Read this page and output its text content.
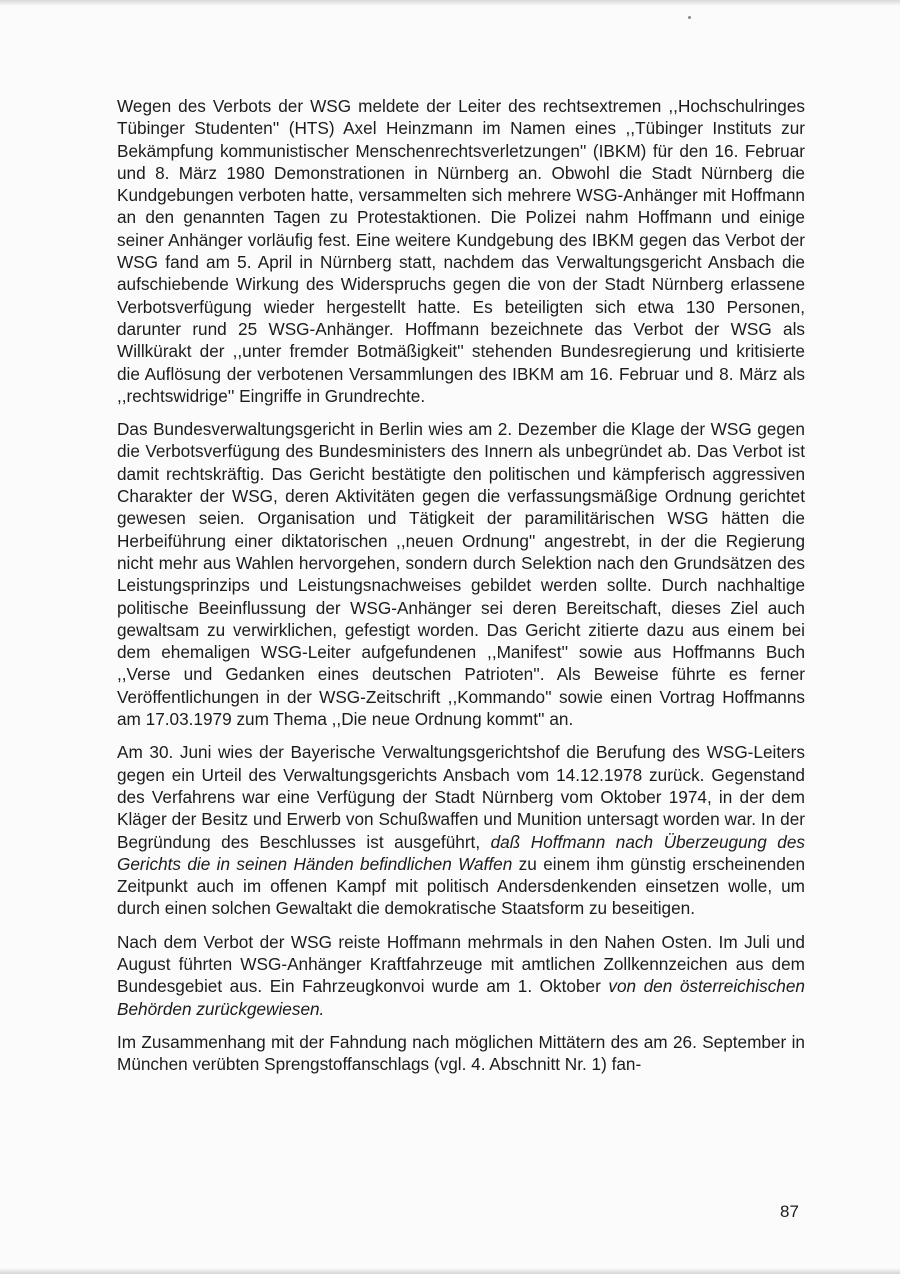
Wegen des Verbots der WSG meldete der Leiter des rechtsextremen ,,Hochschulringes Tübinger Studenten'' (HTS) Axel Heinzmann im Namen eines ,,Tübinger Instituts zur Bekämpfung kommunistischer Menschenrechtsverletzungen'' (IBKM) für den 16. Februar und 8. März 1980 Demonstrationen in Nürnberg an. Obwohl die Stadt Nürnberg die Kundgebungen verboten hatte, versammelten sich mehrere WSG-Anhänger mit Hoffmann an den genannten Tagen zu Protestaktionen. Die Polizei nahm Hoffmann und einige seiner Anhänger vorläufig fest. Eine weitere Kundgebung des IBKM gegen das Verbot der WSG fand am 5. April in Nürnberg statt, nachdem das Verwaltungsgericht Ansbach die aufschiebende Wirkung des Widerspruchs gegen die von der Stadt Nürnberg erlassene Verbotsverfügung wieder hergestellt hatte. Es beteiligten sich etwa 130 Personen, darunter rund 25 WSG-Anhänger. Hoffmann bezeichnete das Verbot der WSG als Willkürakt der ,,unter fremder Botmäßigkeit'' stehenden Bundesregierung und kritisierte die Auflösung der verbotenen Versammlungen des IBKM am 16. Februar und 8. März als ,,rechtswidrige'' Eingriffe in Grundrechte.

Das Bundesverwaltungsgericht in Berlin wies am 2. Dezember die Klage der WSG gegen die Verbotsverfügung des Bundesministers des Innern als unbegründet ab. Das Verbot ist damit rechtskräftig. Das Gericht bestätigte den politischen und kämpferisch aggressiven Charakter der WSG, deren Aktivitäten gegen die verfassungsmäßige Ordnung gerichtet gewesen seien. Organisation und Tätigkeit der paramilitärischen WSG hätten die Herbeiführung einer diktatorischen ,,neuen Ordnung'' angestrebt, in der die Regierung nicht mehr aus Wahlen hervorgehen, sondern durch Selektion nach den Grundsätzen des Leistungsprinzips und Leistungsnachweises gebildet werden sollte. Durch nachhaltige politische Beeinflussung der WSG-Anhänger sei deren Bereitschaft, dieses Ziel auch gewaltsam zu verwirklichen, gefestigt worden. Das Gericht zitierte dazu aus einem bei dem ehemaligen WSG-Leiter aufgefundenen ,,Manifest'' sowie aus Hoffmanns Buch ,,Verse und Gedanken eines deutschen Patrioten''. Als Beweise führte es ferner Veröffentlichungen in der WSG-Zeitschrift ,,Kommando'' sowie einen Vortrag Hoffmanns am 17.03.1979 zum Thema ,,Die neue Ordnung kommt'' an.

Am 30. Juni wies der Bayerische Verwaltungsgerichtshof die Berufung des WSG-Leiters gegen ein Urteil des Verwaltungsgerichts Ansbach vom 14.12.1978 zurück. Gegenstand des Verfahrens war eine Verfügung der Stadt Nürnberg vom Oktober 1974, in der dem Kläger der Besitz und Erwerb von Schußwaffen und Munition untersagt worden war. In der Begründung des Beschlusses ist ausgeführt, daß Hoffmann nach Überzeugung des Gerichts die in seinen Händen befindlichen Waffen zu einem ihm günstig erscheinenden Zeitpunkt auch im offenen Kampf mit politisch Andersdenkenden einsetzen wolle, um durch einen solchen Gewaltakt die demokratische Staatsform zu beseitigen.

Nach dem Verbot der WSG reiste Hoffmann mehrmals in den Nahen Osten. Im Juli und August führten WSG-Anhänger Kraftfahrzeuge mit amtlichen Zollkennzeichen aus dem Bundesgebiet aus. Ein Fahrzeugkonvoi wurde am 1. Oktober von den österreichischen Behörden zurückgewiesen.

Im Zusammenhang mit der Fahndung nach möglichen Mittätern des am 26. September in München verübten Sprengstoffanschlags (vgl. 4. Abschnitt Nr. 1) fan-

87
